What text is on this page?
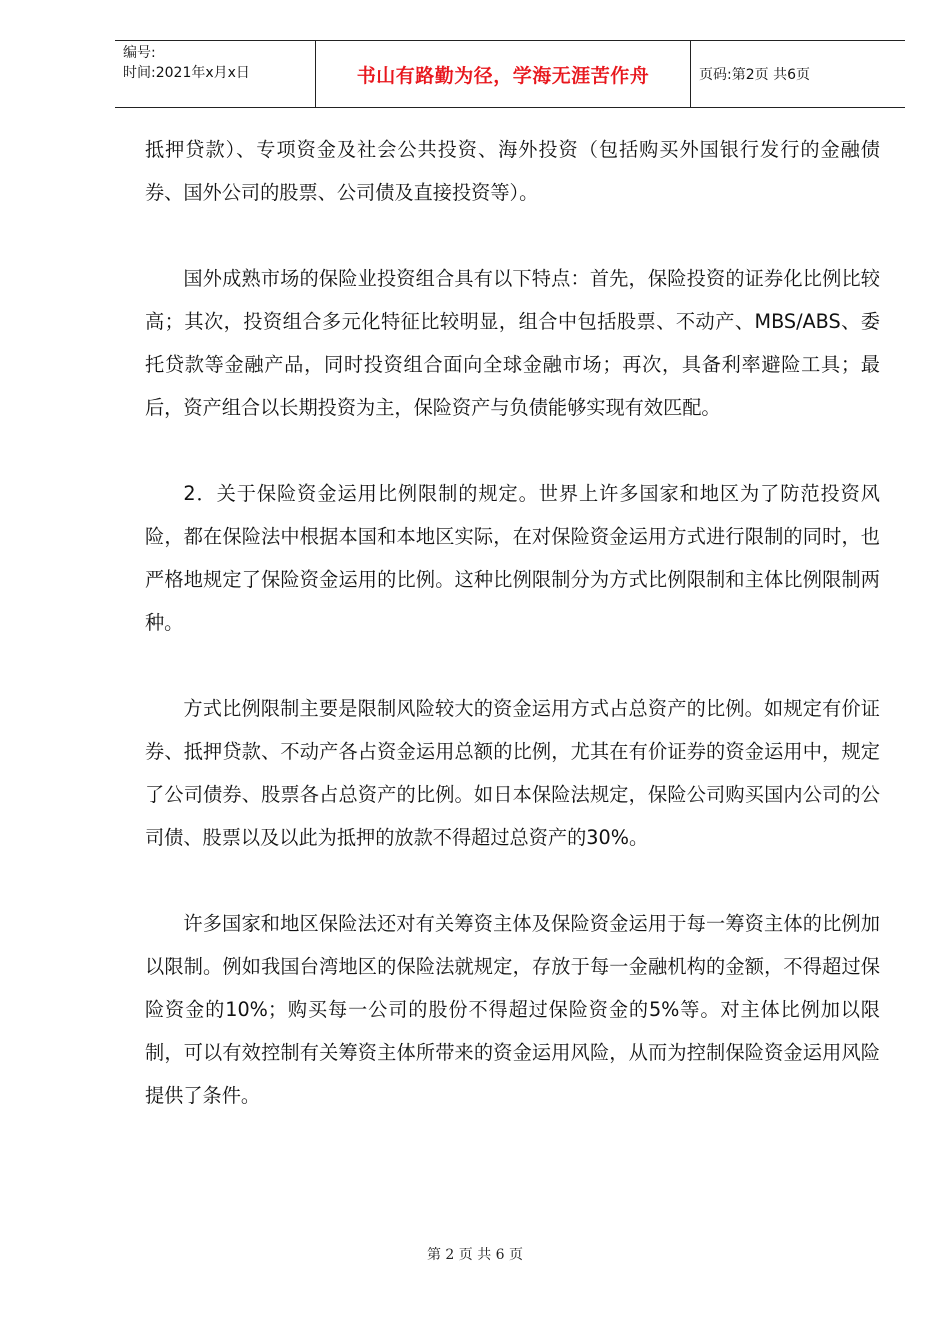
编号:
时间:2021年x月x日	书山有路勤为径，学海无涯苦作舟	页码:第2页 共6页

抵押贷款）、专项资金及社会公共投资、海外投资（包括购买外国银行发行的金融债券、国外公司的股票、公司债及直接投资等）。

国外成熟市场的保险业投资组合具有以下特点：首先，保险投资的证券化比例比较高；其次，投资组合多元化特征比较明显，组合中包括股票、不动产、MBS/ABS、委托贷款等金融产品，同时投资组合面向全球金融市场；再次，具备利率避险工具；最后，资产组合以长期投资为主，保险资产与负债能够实现有效匹配。

2．关于保险资金运用比例限制的规定。世界上许多国家和地区为了防范投资风险，都在保险法中根据本国和本地区实际，在对保险资金运用方式进行限制的同时，也严格地规定了保险资金运用的比例。这种比例限制分为方式比例限制和主体比例限制两种。

方式比例限制主要是限制风险较大的资金运用方式占总资产的比例。如规定有价证券、抵押贷款、不动产各占资金运用总额的比例，尤其在有价证券的资金运用中，规定了公司债券、股票各占总资产的比例。如日本保险法规定，保险公司购买国内公司的公司债、股票以及以此为抵押的放款不得超过总资产的30%。

许多国家和地区保险法还对有关筹资主体及保险资金运用于每一筹资主体的比例加以限制。例如我国台湾地区的保险法就规定，存放于每一金融机构的金额，不得超过保险资金的10%；购买每一公司的股份不得超过保险资金的5%等。对主体比例加以限制，可以有效控制有关筹资主体所带来的资金运用风险，从而为控制保险资金运用风险提供了条件。

第 2 页 共 6 页
